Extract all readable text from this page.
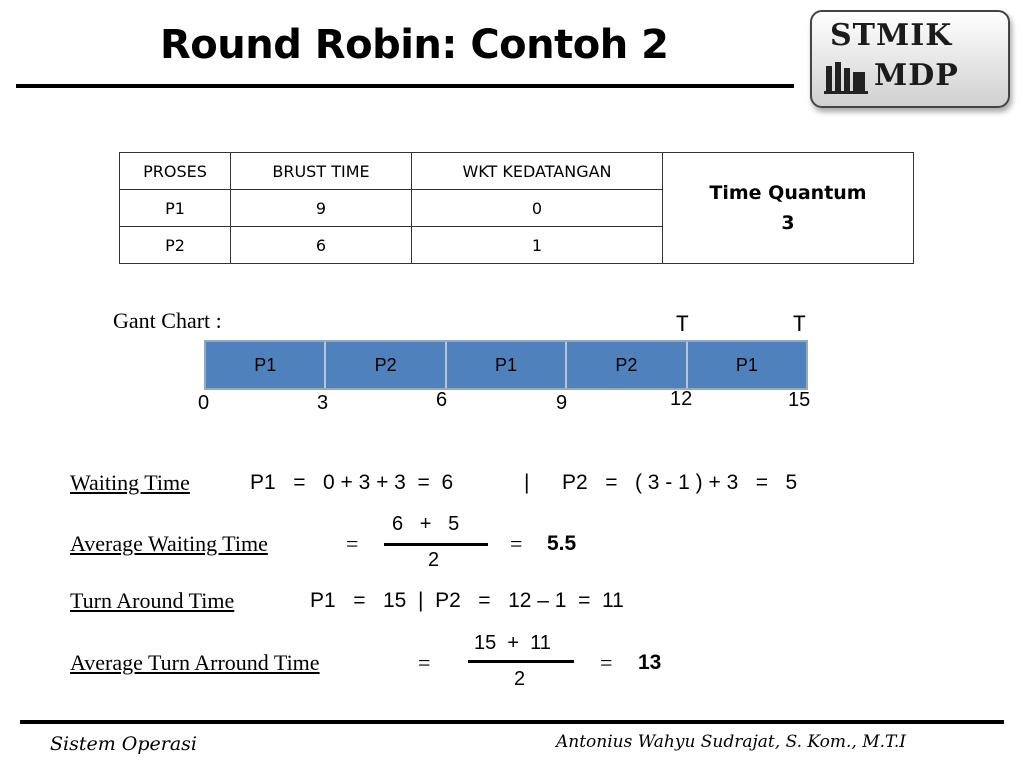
Round Robin: Contoh 2	STMIK
MDP
PROSES	BRUST TIME	WKT KEDATANGAN	Time Quantum
3

P1	9	0	
P2	6	1	
Gant Chart :	T	T
P1	P2	P1	P2	P1
0	3	6	9	12	15
Waiting Time	P1   =   0 + 3 + 3  =  6	| P2   =   ( 3 - 1 ) + 3   =   5
Average Waiting Time	=
6   +   5
2
= 5.5
Turn Around Time	P1   =   15  |  P2   =   12 – 1  =  11
Average Turn Arround Time	=
15  +  11
2
= 13
Sistem Operasi	Antonius Wahyu Sudrajat, S. Kom., M.T.I
